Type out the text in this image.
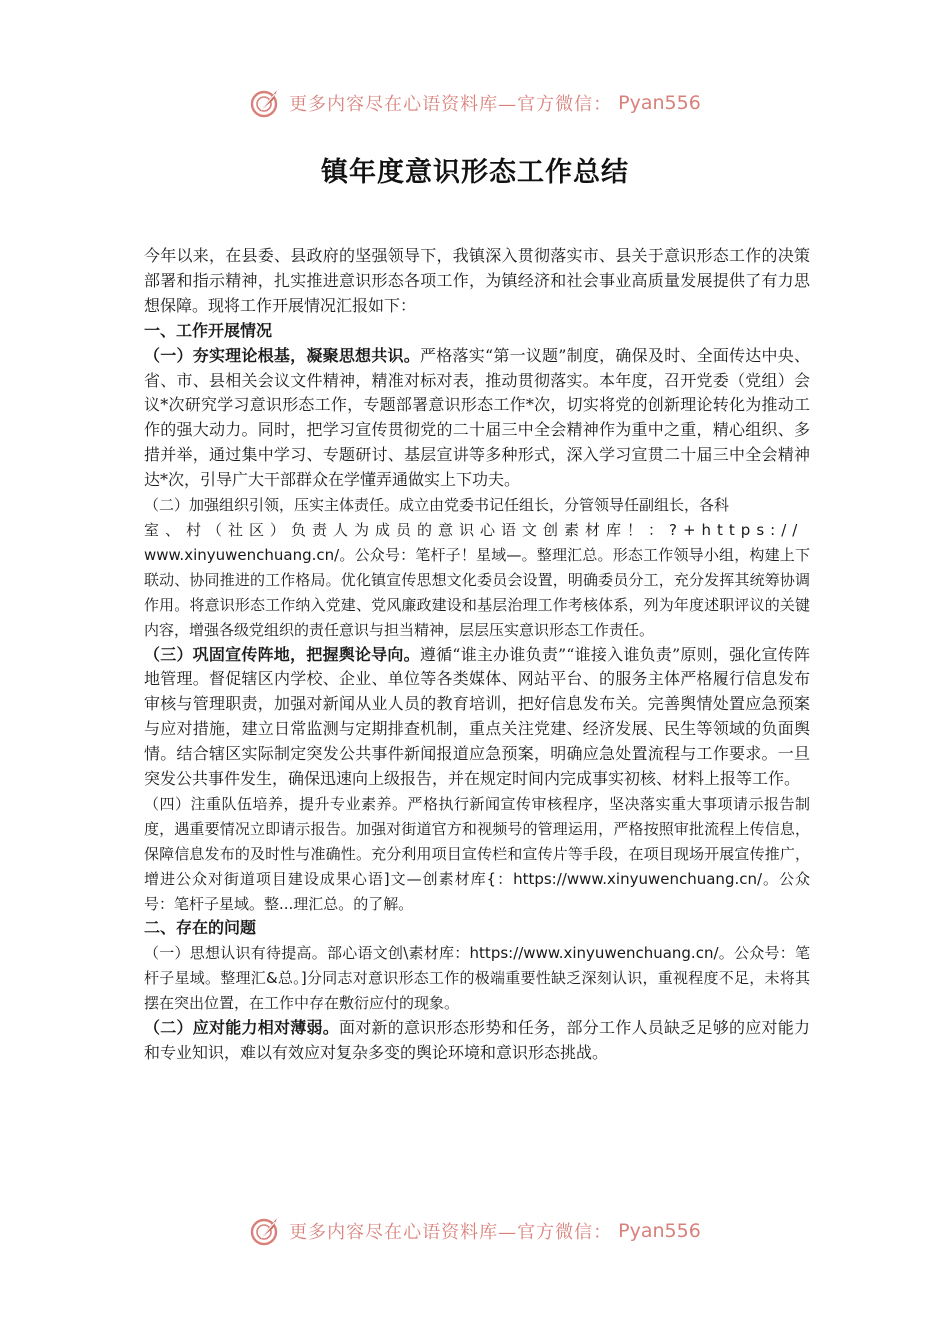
更多内容尽在心语资料库—官方微信： Pyan556
镇年度意识形态工作总结

今年以来，在县委、县政府的坚强领导下，我镇深入贯彻落实市、县关于意识形态工作的决策部署和指示精神，扎实推进意识形态各项工作，为镇经济和社会事业高质量发展提供了有力思想保障。现将工作开展情况汇报如下：

一、工作开展情况

（一）夯实理论根基，凝聚思想共识。严格落实“第一议题”制度，确保及时、全面传达中央、省、市、县相关会议文件精神，精准对标对表，推动贯彻落实。本年度，召开党委（党组）会议*次研究学习意识形态工作，专题部署意识形态工作*次，切实将党的创新理论转化为推动工作的强大动力。同时，把学习宣传贯彻党的二十届三中全会精神作为重中之重，精心组织、多措并举，通过集中学习、专题研讨、基层宣讲等多种形式，深入学习宣贯二十届三中全会精神达*次，引导广大干部群众在学懂弄通做实上下功夫。

（二）加强组织引领，压实主体责任。成立由党委书记任组长，分管领导任副组长，各科
室、村（社区）负责人为成员的意识心语文创素材库！：?+https://
www.xinyuwenchuang.cn/。公众号：笔杆子！星域—。整理汇总。形态工作领导小组，构建上下联动、协同推进的工作格局。优化镇宣传思想文化委员会设置，明确委员分工，充分发挥其统筹协调作用。将意识形态工作纳入党建、党风廉政建设和基层治理工作考核体系，列为年度述职评议的关键内容，增强各级党组织的责任意识与担当精神，层层压实意识形态工作责任。

（三）巩固宣传阵地，把握舆论导向。遵循“谁主办谁负责”“谁接入谁负责”原则，强化宣传阵地管理。督促辖区内学校、企业、单位等各类媒体、网站平台、的服务主体严格履行信息发布审核与管理职责，加强对新闻从业人员的教育培训，把好信息发布关。完善舆情处置应急预案与应对措施，建立日常监测与定期排查机制，重点关注党建、经济发展、民生等领域的负面舆情。结合辖区实际制定突发公共事件新闻报道应急预案，明确应急处置流程与工作要求。一旦突发公共事件发生，确保迅速向上级报告，并在规定时间内完成事实初核、材料上报等工作。

（四）注重队伍培养，提升专业素养。严格执行新闻宣传审核程序，坚决落实重大事项请示报告制度，遇重要情况立即请示报告。加强对街道官方和视频号的管理运用，严格按照审批流程上传信息，保障信息发布的及时性与准确性。充分利用项目宣传栏和宣传片等手段，在项目现场开展宣传推广，增进公众对街道项目建设成果心语]文—创素材库{：https://www.xinyuwenchuang.cn/。公众号：笔杆子星域。整...理汇总。的了解。

二、存在的问题

（一）思想认识有待提高。部心语文创\素材库：https://www.xinyuwenchuang.cn/。公众号：笔杆子星域。整理汇&总。]分同志对意识形态工作的极端重要性缺乏深刻认识，重视程度不足，未将其摆在突出位置，在工作中存在敷衍应付的现象。

（二）应对能力相对薄弱。面对新的意识形态形势和任务，部分工作人员缺乏足够的应对能力和专业知识，难以有效应对复杂多变的舆论环境和意识形态挑战。

更多内容尽在心语资料库—官方微信： Pyan556
